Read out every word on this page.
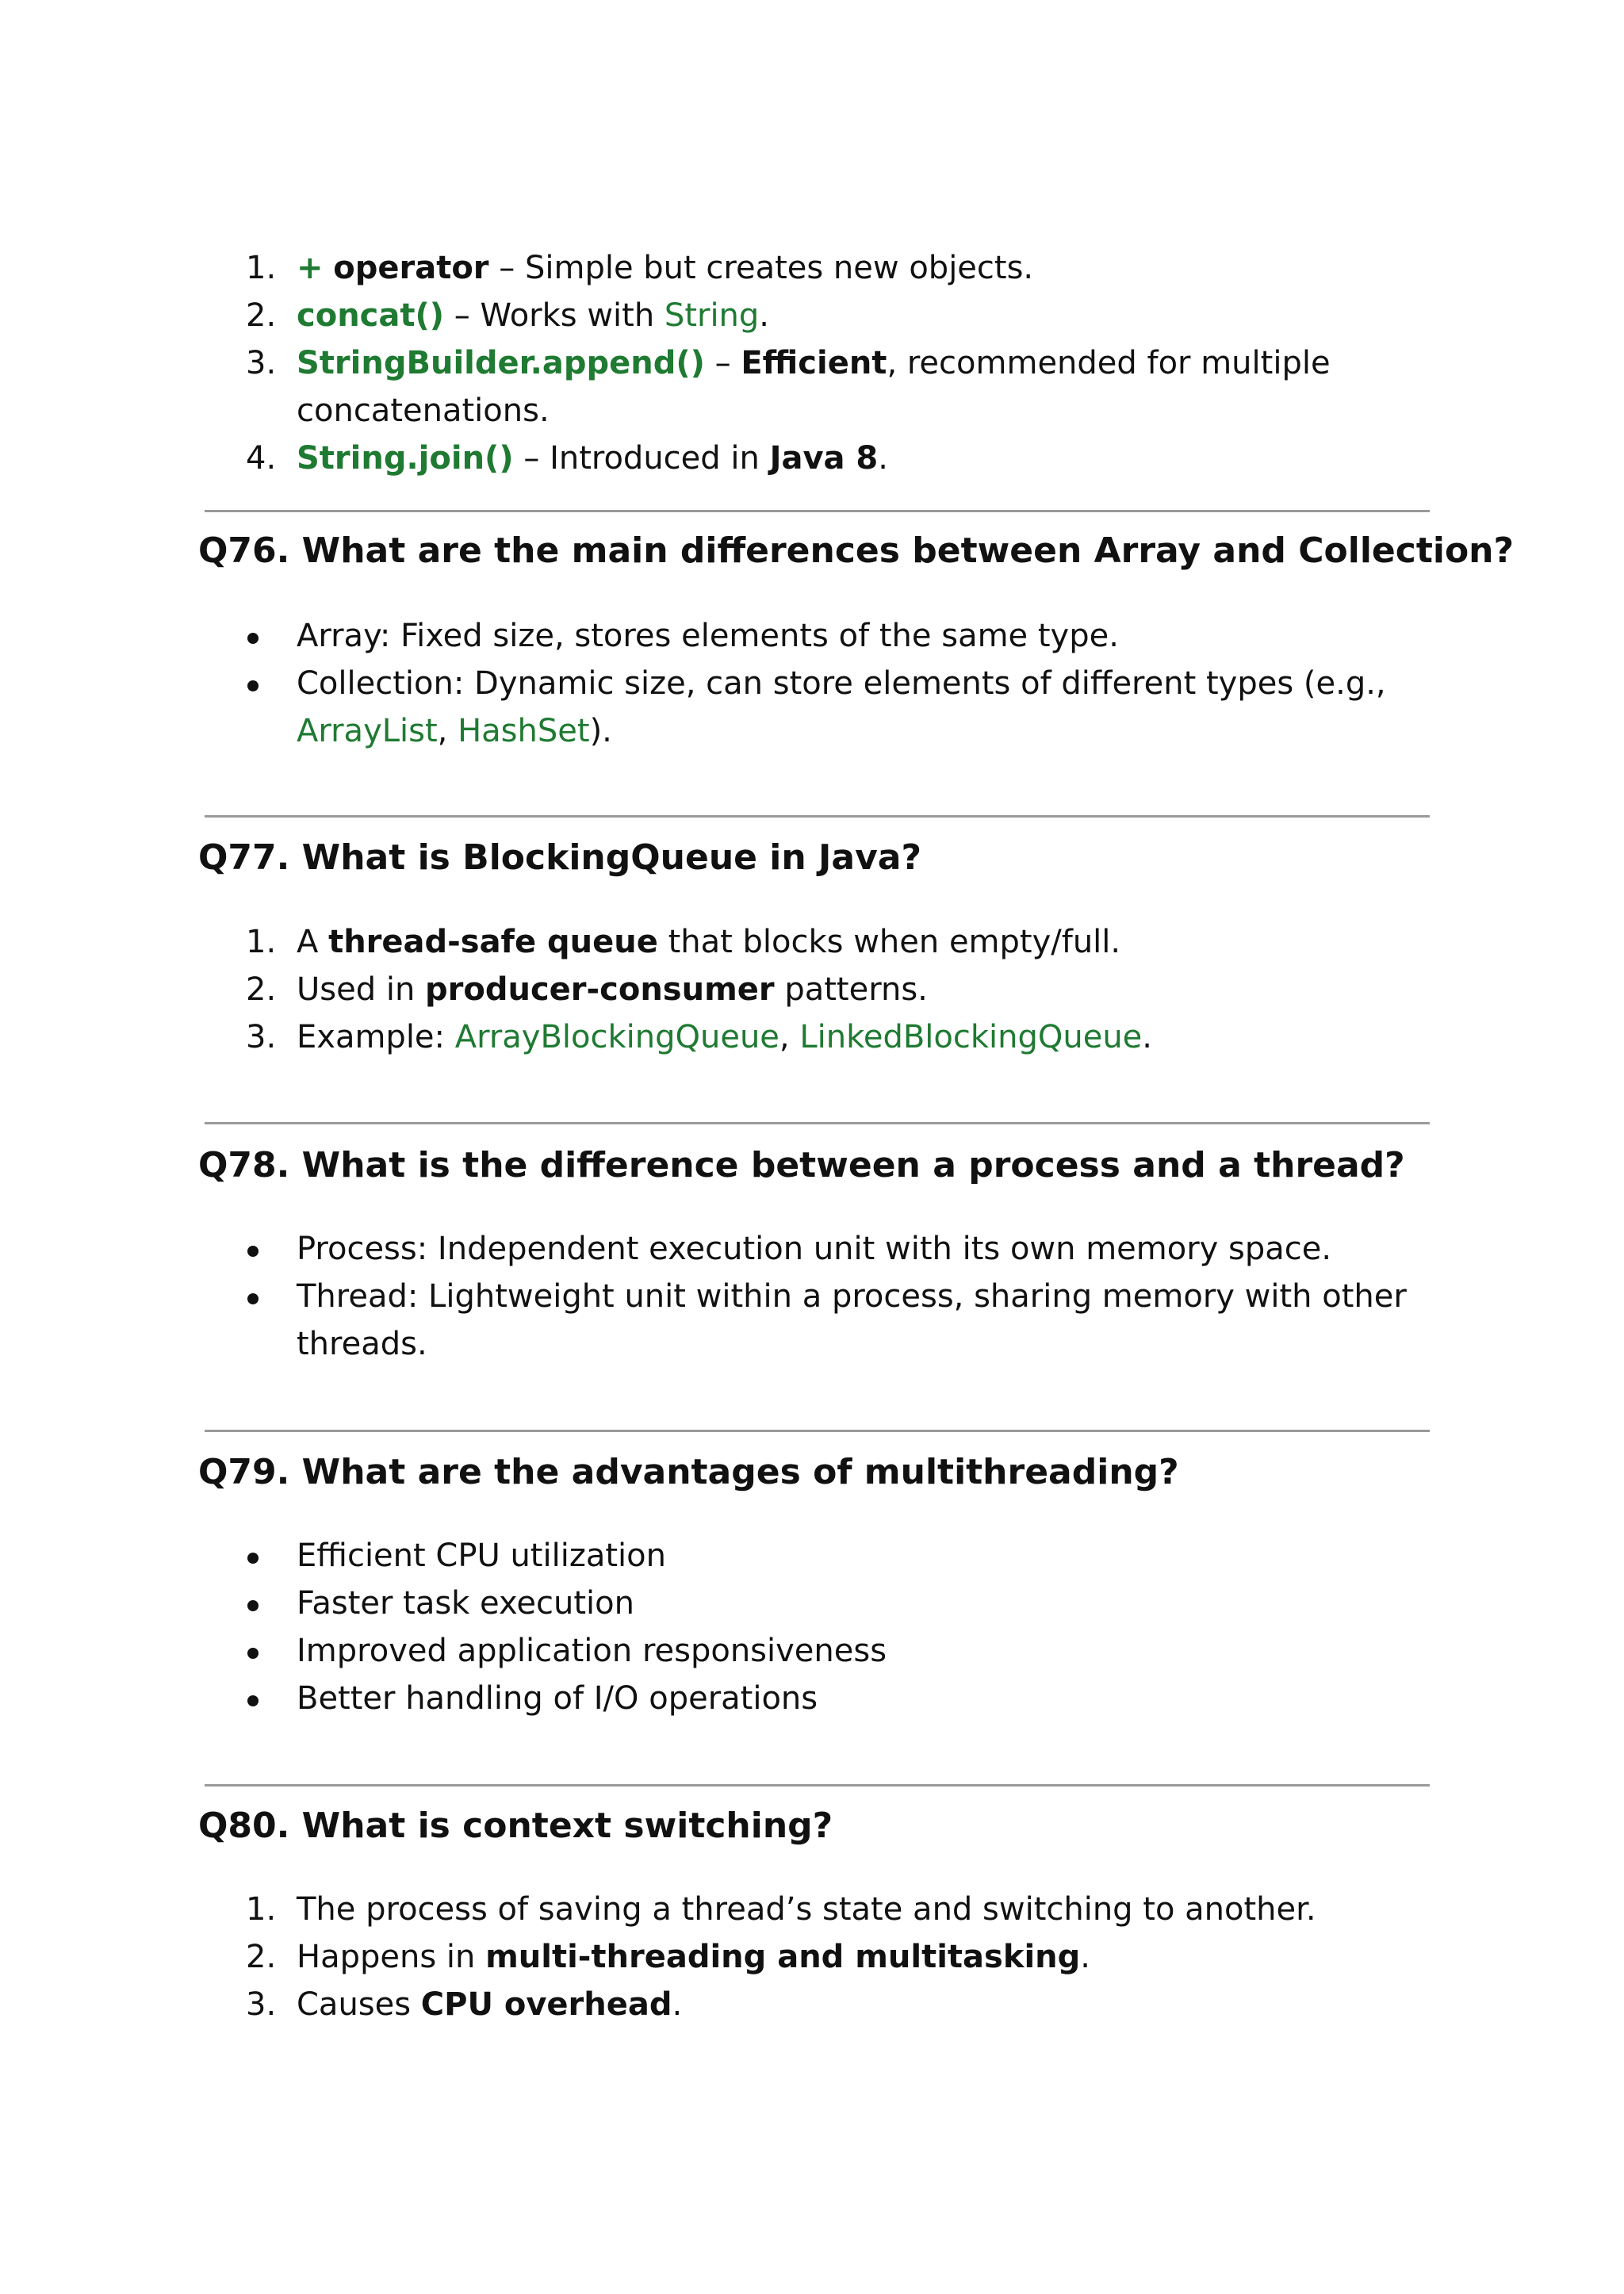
1. + operator – Simple but creates new objects.
2. concat() – Works with String.
3. StringBuilder.append() – Efficient, recommended for multiple concatenations.
4. String.join() – Introduced in Java 8.
Q76. What are the main differences between Array and Collection?
Array: Fixed size, stores elements of the same type.
Collection: Dynamic size, can store elements of different types (e.g., ArrayList, HashSet).
Q77. What is BlockingQueue in Java?
1. A thread-safe queue that blocks when empty/full.
2. Used in producer-consumer patterns.
3. Example: ArrayBlockingQueue, LinkedBlockingQueue.
Q78. What is the difference between a process and a thread?
Process: Independent execution unit with its own memory space.
Thread: Lightweight unit within a process, sharing memory with other threads.
Q79. What are the advantages of multithreading?
Efficient CPU utilization
Faster task execution
Improved application responsiveness
Better handling of I/O operations
Q80. What is context switching?
1. The process of saving a thread’s state and switching to another.
2. Happens in multi-threading and multitasking.
3. Causes CPU overhead.
